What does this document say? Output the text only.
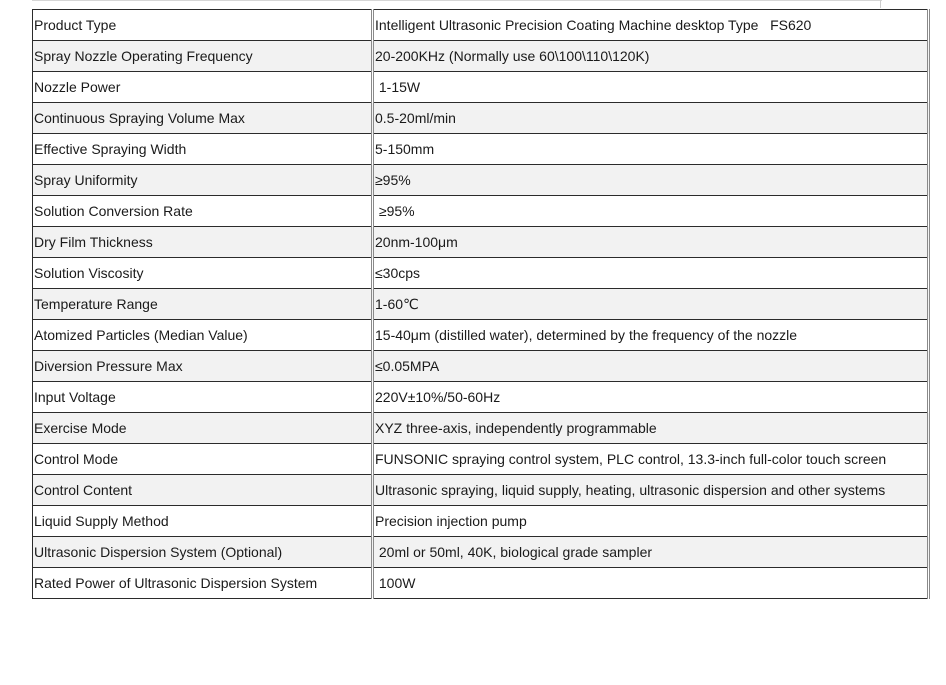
Product Type	Intelligent Ultrasonic Precision Coating Machine desktop Type   FS620
Spray Nozzle Operating Frequency	20-200KHz (Normally use 60\100\110\120K)
Nozzle Power	1-15W
Continuous Spraying Volume Max	0.5-20ml/min
Effective Spraying Width	5-150mm
Spray Uniformity	≥95%
Solution Conversion Rate	≥95%
Dry Film Thickness	20nm-100μm
Solution Viscosity	≤30cps
Temperature Range	1-60℃
Atomized Particles (Median Value)	15-40μm (distilled water), determined by the frequency of the nozzle
Diversion Pressure Max	≤0.05MPA
Input Voltage	220V±10%/50-60Hz
Exercise Mode	XYZ three-axis, independently programmable
Control Mode	FUNSONIC spraying control system, PLC control, 13.3-inch full-color touch screen
Control Content	Ultrasonic spraying, liquid supply, heating, ultrasonic dispersion and other systems
Liquid Supply Method	Precision injection pump
Ultrasonic Dispersion System (Optional)	20ml or 50ml, 40K, biological grade sampler
Rated Power of Ultrasonic Dispersion System	100W
